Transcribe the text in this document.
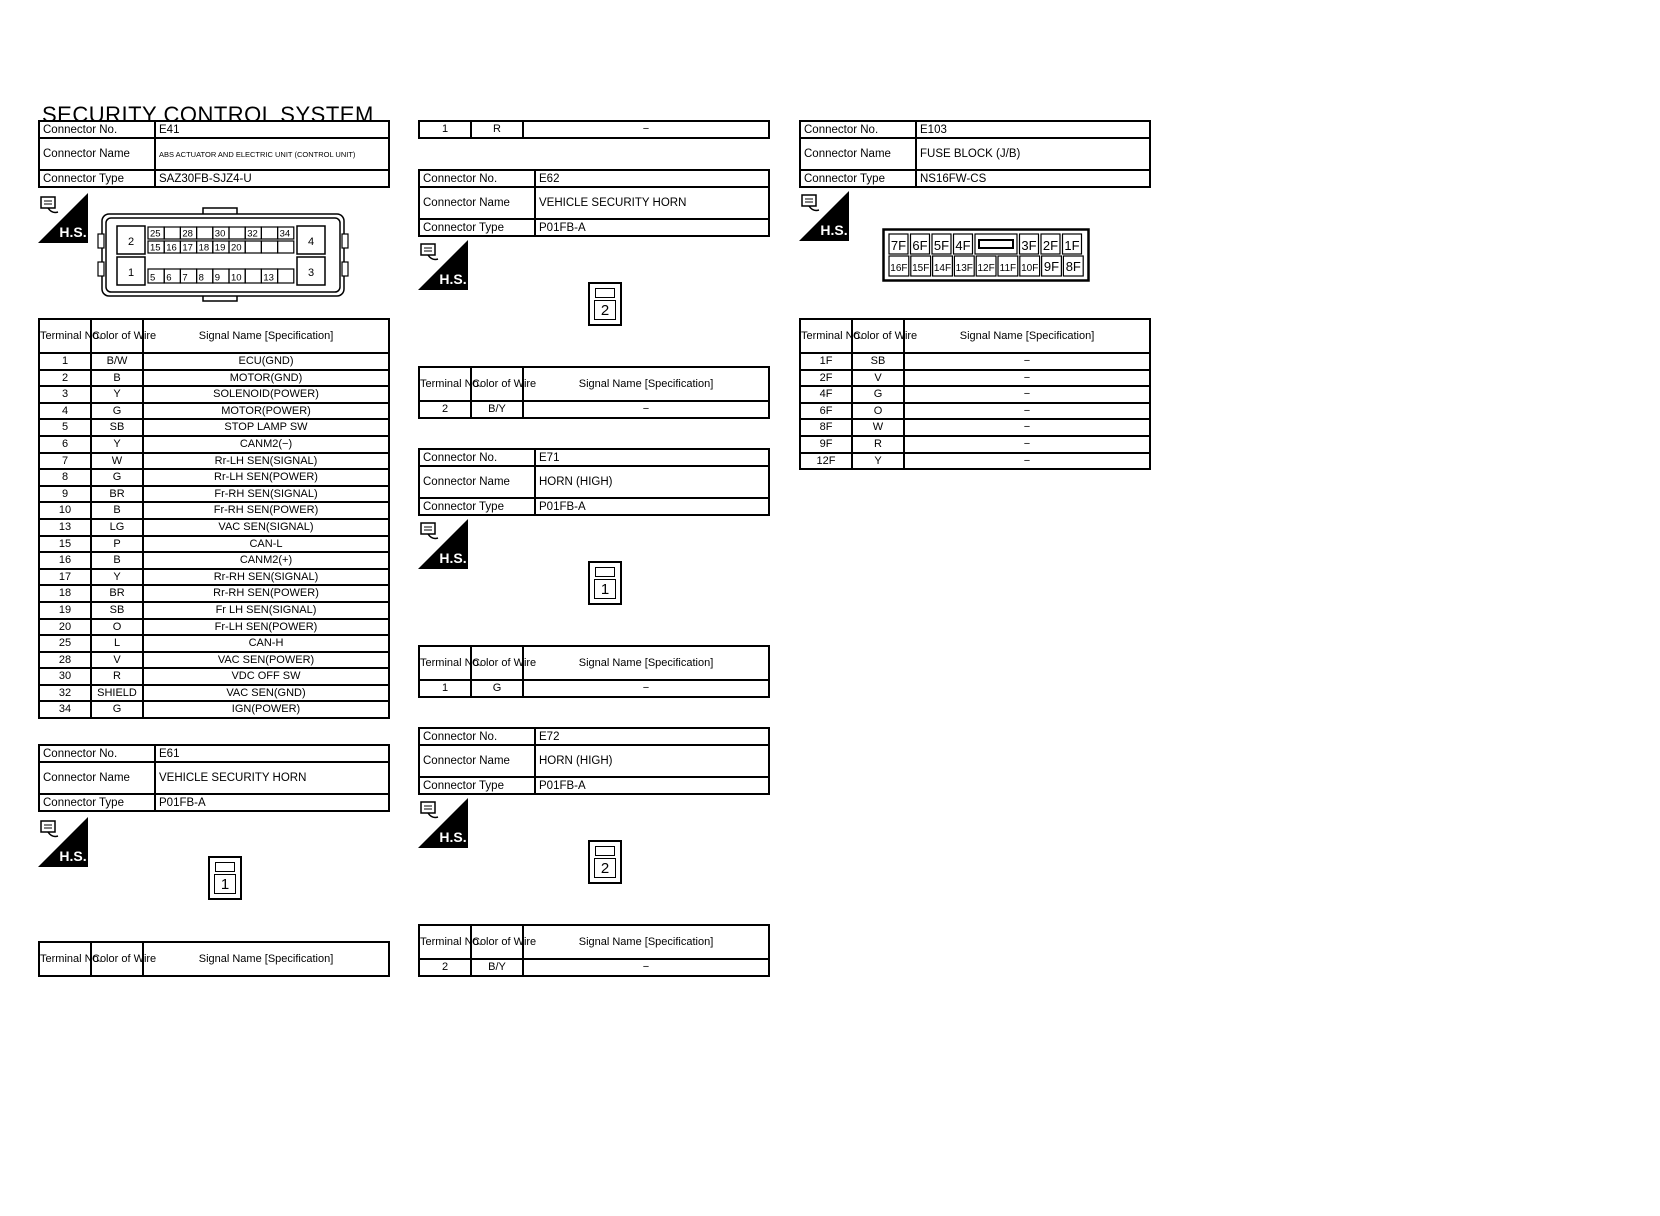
SECURITY CONTROL SYSTEM
Connector No.	E41
Connector Name	ABS ACTUATOR AND ELECTRIC UNIT (CONTROL UNIT)
Connector Type	SAZ30FB-SJZ4-U
H.S.
2
1
4
3
25 28 30 32 34
15 16 17 18 19 20
5 6 7 8 9 10 13
Terminal No.	Color of Wire	Signal Name [Specification]
1	B/W	ECU(GND)
2	B	MOTOR(GND)
3	Y	SOLENOID(POWER)
4	G	MOTOR(POWER)
5	SB	STOP LAMP SW
6	Y	CANM2(−)
7	W	Rr-LH SEN(SIGNAL)
8	G	Rr-LH SEN(POWER)
9	BR	Fr-RH SEN(SIGNAL)
10	B	Fr-RH SEN(POWER)
13	LG	VAC SEN(SIGNAL)
15	P	CAN-L
16	B	CANM2(+)
17	Y	Rr-RH SEN(SIGNAL)
18	BR	Rr-RH SEN(POWER)
19	SB	Fr LH SEN(SIGNAL)
20	O	Fr-LH SEN(POWER)
25	L	CAN-H
28	V	VAC SEN(POWER)
30	R	VDC OFF SW
32	SHIELD	VAC SEN(GND)
34	G	IGN(POWER)
Connector No.	E61
Connector Name	VEHICLE SECURITY HORN
Connector Type	P01FB-A
H.S.
1
Terminal No.	Color of Wire	Signal Name [Specification]
1	R	−
Connector No.	E62
Connector Name	VEHICLE SECURITY HORN
Connector Type	P01FB-A
H.S.
2
Terminal No.	Color of Wire	Signal Name [Specification]
2	B/Y	−
Connector No.	E71
Connector Name	HORN (HIGH)
Connector Type	P01FB-A
H.S.
1
Terminal No.	Color of Wire	Signal Name [Specification]
1	G	−
Connector No.	E72
Connector Name	HORN (HIGH)
Connector Type	P01FB-A
H.S.
2
Terminal No.	Color of Wire	Signal Name [Specification]
2	B/Y	−
Connector No.	E103
Connector Name	FUSE BLOCK (J/B)
Connector Type	NS16FW-CS
H.S.
7F 6F 5F 4F	3F 2F 1F
16F 15F 14F 13F 12F 11F 10F 9F 8F
Terminal No.	Color of Wire	Signal Name [Specification]
1F	SB	−
2F	V	−
4F	G	−
6F	O	−
8F	W	−
9F	R	−
12F	Y	−
